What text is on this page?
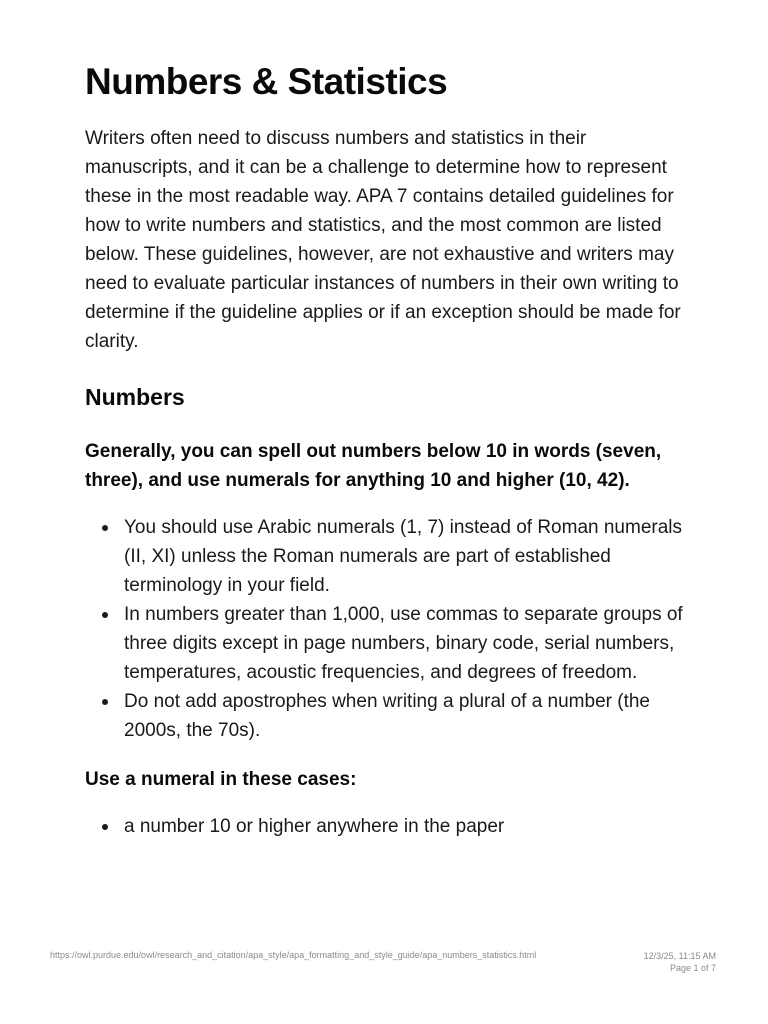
Numbers & Statistics

Writers often need to discuss numbers and statistics in their manuscripts, and it can be a challenge to determine how to represent these in the most readable way. APA 7 contains detailed guidelines for how to write numbers and statistics, and the most common are listed below. These guidelines, however, are not exhaustive and writers may need to evaluate particular instances of numbers in their own writing to determine if the guideline applies or if an exception should be made for clarity.

Numbers

Generally, you can spell out numbers below 10 in words (seven, three), and use numerals for anything 10 and higher (10, 42).

You should use Arabic numerals (1, 7) instead of Roman numerals (II, XI) unless the Roman numerals are part of established terminology in your field.
In numbers greater than 1,000, use commas to separate groups of three digits except in page numbers, binary code, serial numbers, temperatures, acoustic frequencies, and degrees of freedom.
Do not add apostrophes when writing a plural of a number (the 2000s, the 70s).

Use a numeral in these cases:

a number 10 or higher anywhere in the paper
https://owl.purdue.edu/owl/research_and_citation/apa_style/apa_formatting_and_style_guide/apa_numbers_statistics.html	12/3/25, 11:15 AM
Page 1 of 7
